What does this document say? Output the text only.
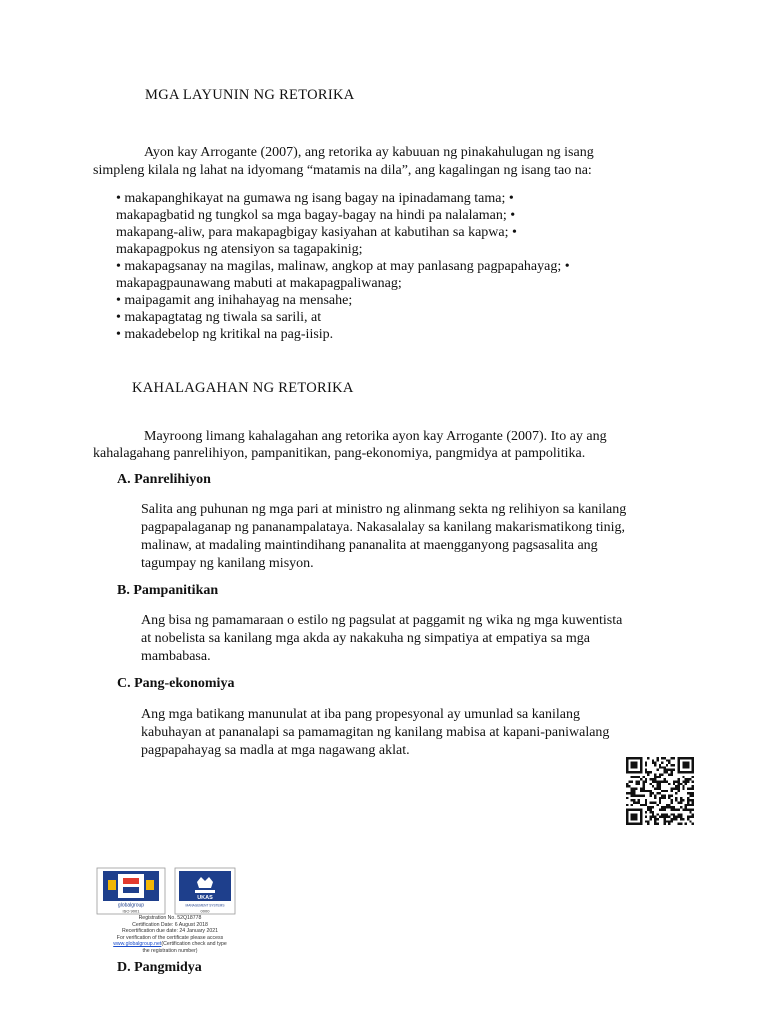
MGA LAYUNIN NG RETORIKA
Ayon kay Arrogante (2007), ang retorika ay kabuuan ng pinakahulugan ng isang
simpleng kilala ng lahat na idyomang “matamis na dila”, ang kagalingan ng isang tao na:
• makapanghikayat na gumawa ng isang bagay na ipinadamang tama; •
makapagbatid ng tungkol sa mga bagay-bagay na hindi pa nalalaman; •
makapang-aliw, para makapagbigay kasiyahan at kabutihan sa kapwa; •
makapagpokus ng atensiyon sa tagapakinig;
• makapagsanay na magilas, malinaw, angkop at may panlasang pagpapahayag; •
makapagpaunawang mabuti at makapagpaliwanag;
• maipagamit ang inihahayag na mensahe;
• makapagtatag ng tiwala sa sarili, at
• makadebelop ng kritikal na pag-iisip.
KAHALAGAHAN NG RETORIKA
Mayroong limang kahalagahan ang retorika ayon kay Arrogante (2007). Ito ay ang
kahalagahang panrelihiyon, pampanitikan, pang-ekonomiya, pangmidya at pampolitika.
A. Panrelihiyon
Salita ang puhunan ng mga pari at ministro ng alinmang sekta ng relihiyon sa kanilang
pagpapalaganap ng pananampalataya. Nakasalalay sa kanilang makarismatikong tinig,
malinaw, at madaling maintindihang pananalita at maengganyong pagsasalita ang
tagumpay ng kanilang misyon.
B. Pampanitikan
Ang bisa ng pamamaraan o estilo ng pagsulat at paggamit ng wika ng mga kuwentista
at nobelista sa kanilang mga akda ay nakakuha ng simpatiya at empatiya sa mga
mambabasa.
C. Pang-ekonomiya
Ang mga batikang manunulat at iba pang propesyonal ay umunlad sa kanilang
kabuhayan at pananalapi sa pamamagitan ng kanilang mabisa at kapani-paniwalang
pagpapahayag sa madla at mga nagawang aklat.
globalgroup
ISO 9001
UKAS
MANAGEMENT SYSTEMS
0000
Registration No. 52Q18778
Certification Date: 6 August 2018
Recertification due date: 24 January 2021
For verification of the certificate please access
www.globalgroup.net(Certification check and type
the registration number)
D. Pangmidya
